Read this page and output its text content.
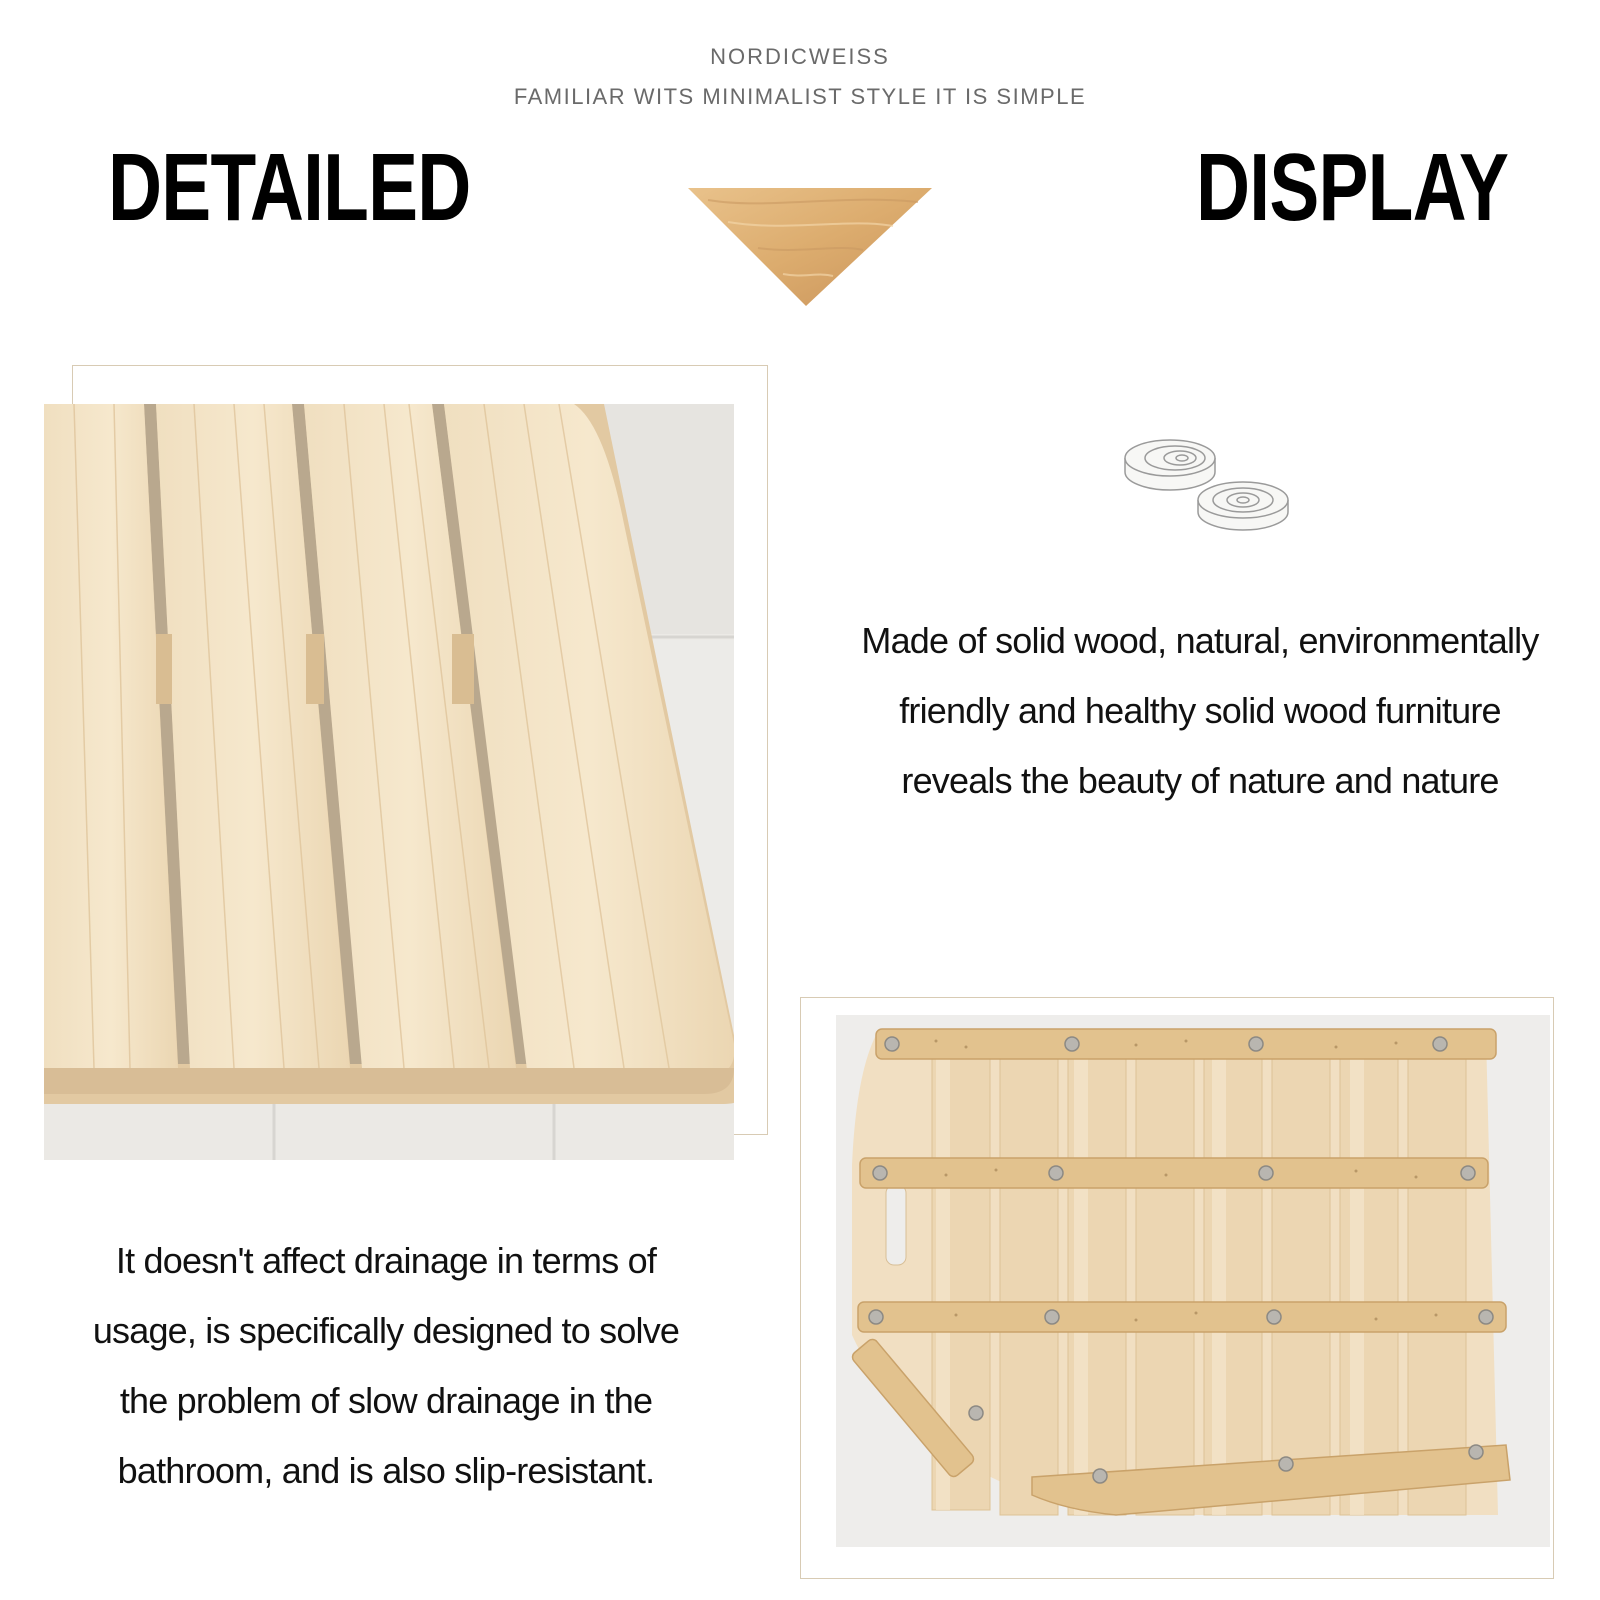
NORDICWEISS
FAMILIAR WITS MINIMALIST STYLE IT IS SIMPLE
DETAILED	DISPLAY
Made of solid wood, natural, environmentally
friendly and healthy solid wood furniture
reveals the beauty of nature and nature
It doesn't affect drainage in terms of
usage, is specifically designed to solve
the problem of slow drainage in the
bathroom, and is also slip-resistant.
